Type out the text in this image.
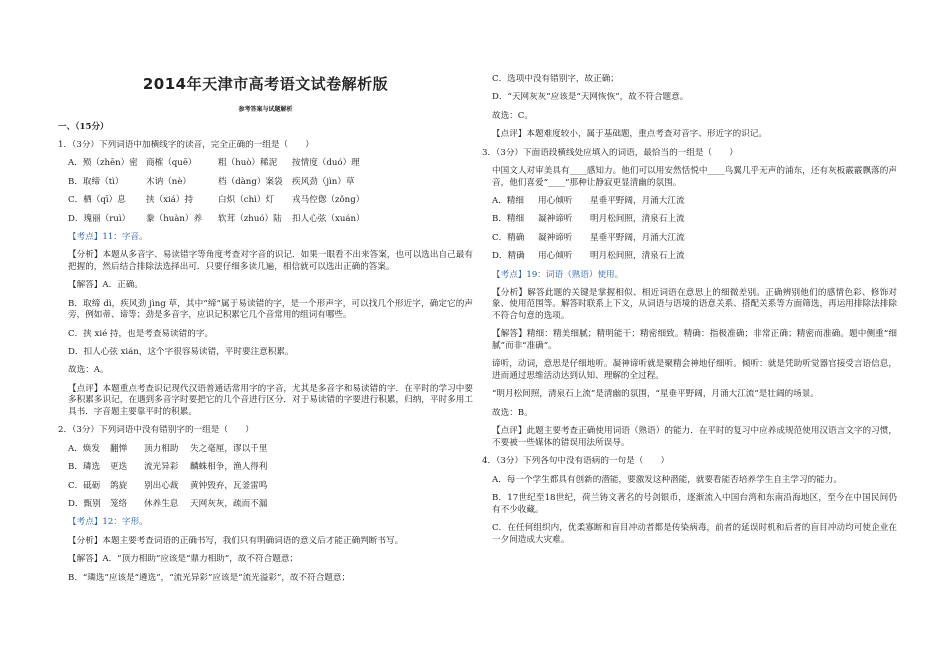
2014年天津市高考语文试卷解析版
参考答案与试题解析
一、（15分）
1．（3分）下列词语中加横线字的读音，完全正确的一组是（　　）
A．殒（zhēn）密 商榷（quē）	粗（huò）稀泥	按情度（duó）理
B．取缔（tì）	木讷（nè）	档（dàng）案袋	疾风劲（jìn）草
C．栖（qī）息	挟（xiá）持	白炽（chì）灯	戎马倥偬（zǒng）
D．瑰丽（ruì）	豢（huàn）养	软茸（zhuó）陆	扣人心弦（xuán）
【考点】11：字音。
【分析】本题从多音字、易读错字等角度考查对字音的识记．如果一眼看不出来答案，也可以选出自己最有把握的，然后结合排除法选择出可．只要仔细多读几遍，相信就可以选出正确的答案。
【解答】A．正确。
B．取缔 dì，疾风劲 jìng 草，其中“缔”属于易读错的字，是一个形声字，可以找几个形近字，确定它的声旁，例如蒂、谛等；劲是多音字，应识记积累它几个音常用的组词有哪些。
C．挟 xié 持，也是考查易读错的字。
D．扣人心弦 xián，这个字很容易读错，平时要注意积累。
故选：A。
【点评】本题重点考查识记现代汉语普通话常用字的字音，尤其是多音字和易读错的字．在平时的学习中要多积累多识记，在遇到多音字时要把它的几个音进行区分．对于易读错的字要进行积累，归纳，平时多用工具书．字音题主要靠平时的积累。
2．（3分）下列词语中没有错别字的一组是（　　）
A．焕发	翻惮	顶力相助	失之毫厘，谬以千里
B．璘选	更迭	流光异彩	麟蛛相争，渔人得利
C．砥砺	鸽旋	别出心裁	黄钟毁弃，瓦釜雷鸣
D．甄别	笼络	休养生息	天网灰灰，疏而不漏
【考点】12：字形。
【分析】本题主要考查词语的正确书写，我们只有明确词语的意义后才能正确判断书写。
【解答】A．“顶力相助”应该是“鼎力相助”，故不符合题意；
B．“璘选”应该是“遴选”，“流光异彩”应该是“流光溢彩”，故不符合题意；
C．选项中没有错别字，故正确；
D．“天网灰灰”应该是“天网恢恢”，故不符合题意。
故选：C。
【点评】本题难度较小，属于基础题，重点考查对音字、形近字的识记。
3．（3分）下面语段横线处应填入的词语，最恰当的一组是（　　）
中国文人对审美具有____感知力。他们可以用安然恬悦中____鸟翼几乎无声的浦东，还有灰板霰霰飘落的声音，他们喜爱“____”那种让静寂更显清幽的氛围。
A．精细	用心倾听	星垂平野阔，月涌大江流
B．精细	凝神谛听	明月松间照，清泉石上流
C．精确	凝神谛听	星垂平野阔，月涌大江流
D．精确	用心倾听	明月松间照，清泉石上流
【考点】19：词语（熟语）使用。
【分析】解答此题的关键是掌握相似、相近词语在意思上的细微差别。正确辨别他们的感情色彩、修饰对象、使用范围等。解答时联系上下文，从词语与语境的语意关系、搭配关系等方面筛选，再运用排除法排除不符合句意的选项。
【解答】精细：精美细腻；精明能干；精密细致。精确：指极准确；非常正确；精密而准确。题中侧重“细腻”而非“准确”。
谛听，动词，意思是仔细地听。凝神谛听就是聚精会神地仔细听。倾听：就是凭助听觉器官接受言语信息，进而通过思维活动达到认知、理解的全过程。
“明月松间照，清泉石上流”是清幽的氛围，“星垂平野阔，月涌大江流”是壮阔的场景。
故选：B。
【点评】此题主要考查正确使用词语（熟语）的能力．在平时的复习中应养成规范使用汉语言文字的习惯，不要被一些媒体的错误用法所误导。
4．（3分）下列各句中没有语病的一句是（　　）
A．每一个学生都具有创新的潜能，要激发这种潜能，就要看能否培养学生自主学习的能力。
B．17世纪至18世纪，荷兰铸文著名的号剑银币，逐渐流入中国台湾和东南沿海地区，至今在中国民间仍有不少收藏。
C．在任何组织内，优柔寡断和盲目冲动者都是传染病毒，前者的延误时机和后者的盲目冲动均可使企业在一夕间造成大灾难。
